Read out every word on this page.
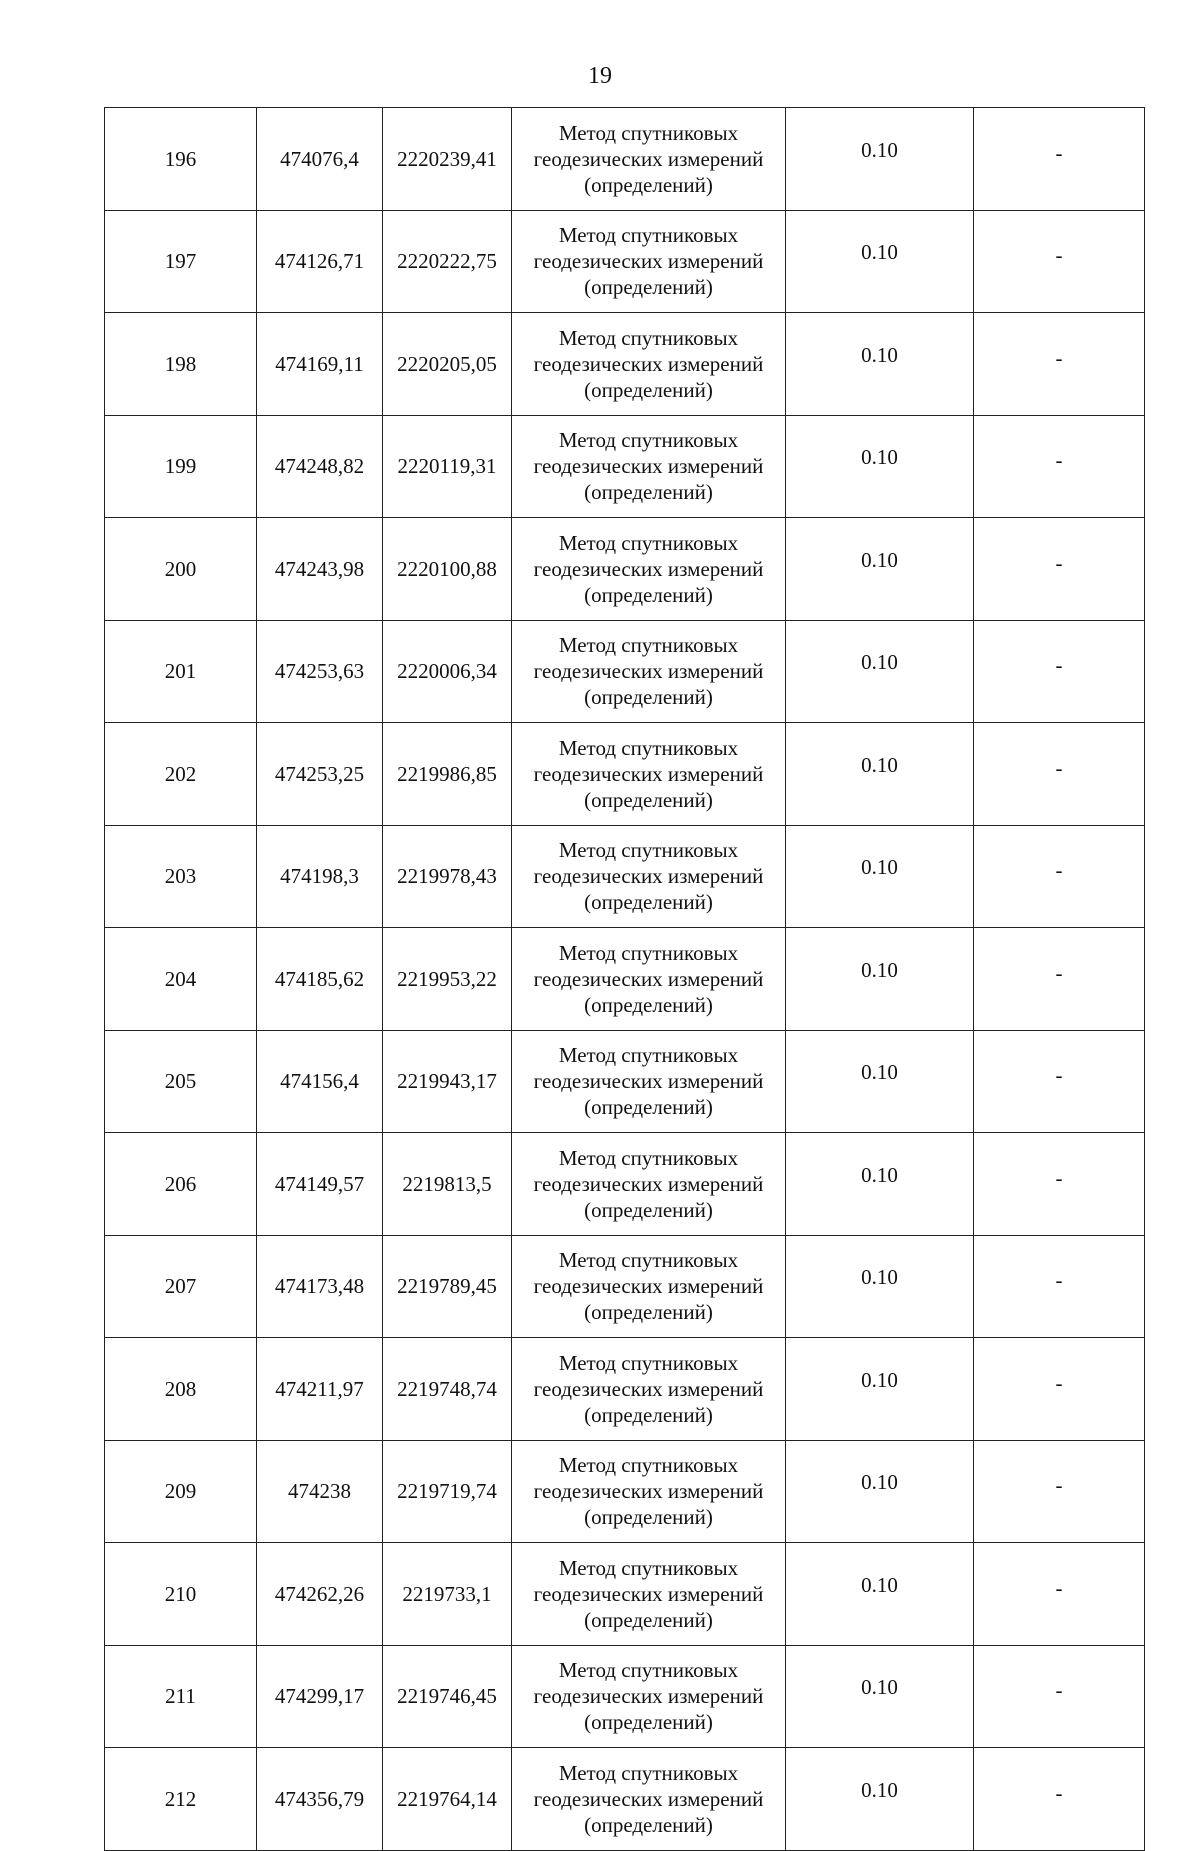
19
196	474076,4	2220239,41	Метод спутниковых
геодезических измерений
(определений)	0.10	-
197	474126,71	2220222,75	Метод спутниковых
геодезических измерений
(определений)	0.10	-
198	474169,11	2220205,05	Метод спутниковых
геодезических измерений
(определений)	0.10	-
199	474248,82	2220119,31	Метод спутниковых
геодезических измерений
(определений)	0.10	-
200	474243,98	2220100,88	Метод спутниковых
геодезических измерений
(определений)	0.10	-
201	474253,63	2220006,34	Метод спутниковых
геодезических измерений
(определений)	0.10	-
202	474253,25	2219986,85	Метод спутниковых
геодезических измерений
(определений)	0.10	-
203	474198,3	2219978,43	Метод спутниковых
геодезических измерений
(определений)	0.10	-
204	474185,62	2219953,22	Метод спутниковых
геодезических измерений
(определений)	0.10	-
205	474156,4	2219943,17	Метод спутниковых
геодезических измерений
(определений)	0.10	-
206	474149,57	2219813,5	Метод спутниковых
геодезических измерений
(определений)	0.10	-
207	474173,48	2219789,45	Метод спутниковых
геодезических измерений
(определений)	0.10	-
208	474211,97	2219748,74	Метод спутниковых
геодезических измерений
(определений)	0.10	-
209	474238	2219719,74	Метод спутниковых
геодезических измерений
(определений)	0.10	-
210	474262,26	2219733,1	Метод спутниковых
геодезических измерений
(определений)	0.10	-
211	474299,17	2219746,45	Метод спутниковых
геодезических измерений
(определений)	0.10	-
212	474356,79	2219764,14	Метод спутниковых
геодезических измерений
(определений)	0.10	-
